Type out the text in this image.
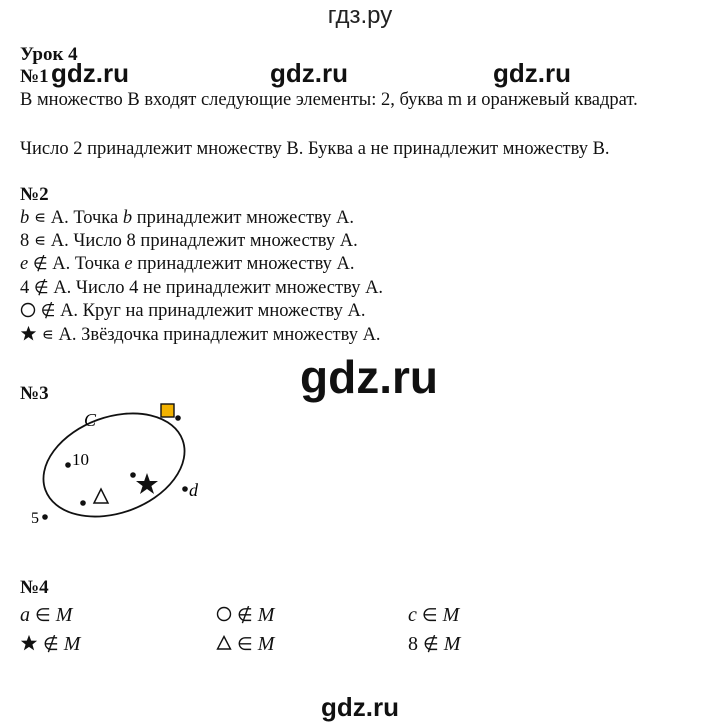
гдз.ру
Урок 4
№1 gdz.ru	gdz.ru	gdz.ru
В множество В входят следующие элементы: 2, буква m и оранжевый квадрат.
Число 2 принадлежит множеству В. Буква а не принадлежит множеству В.
№2
b ∊ А. Точка b принадлежит множеству А.
8 ∊ А. Число 8 принадлежит множеству А.
e ∉ А. Точка e принадлежит множеству А.
4 ∉ А. Число 4 не принадлежит множеству А.
∉ А. Круг на принадлежит множеству А.
∊ А. Звёздочка принадлежит множеству А.
gdz.ru
№3
C
10
d
5
№4
a ∈ M	∉ M	c ∈ M
∉ M	∈ M	8 ∉ M
gdz.ru
